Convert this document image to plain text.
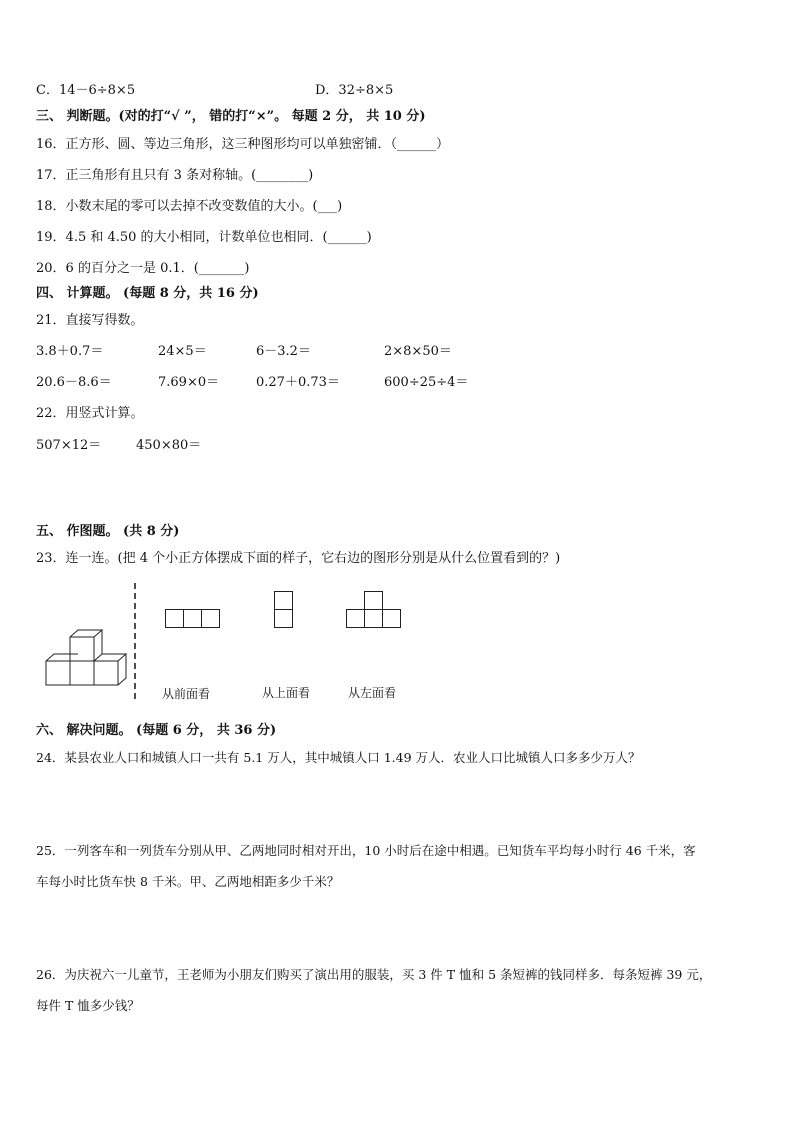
C．14－6÷8×5	D．32÷8×5
三、 判断题。(对的打“√ ”， 错的打“×”。 每题 2 分， 共 10 分)
16．正方形、圆、等边三角形，这三种图形均可以单独密铺．（______）
17．正三角形有且只有 3 条对称轴。(________)
18．小数末尾的零可以去掉不改变数值的大小。(___)
19．4.5 和 4.50 的大小相同，计数单位也相同．(______)
20．6 的百分之一是 0.1．(_______)
四、 计算题。 (每题 8 分，共 16 分)
21．直接写得数。
3.8＋0.7＝	24×5＝	6－3.2＝	2×8×50＝
20.6－8.6＝	7.69×0＝	0.27＋0.73＝	600÷25÷4＝
22．用竖式计算。
507×12＝	450×80＝
五、 作图题。 (共 8 分)
23．连一连。(把 4 个小正方体摆成下面的样子，它右边的图形分别是从什么位置看到的？)
从前面看	从上面看	从左面看
六、 解决问题。 (每题 6 分， 共 36 分)
24．某县农业人口和城镇人口一共有 5.1 万人，其中城镇人口 1.49 万人．农业人口比城镇人口多多少万人？
25．一列客车和一列货车分别从甲、乙两地同时相对开出，10 小时后在途中相遇。已知货车平均每小时行 46 千米，客
车每小时比货车快 8 千米。甲、乙两地相距多少千米？
26．为庆祝六一儿童节，王老师为小朋友们购买了演出用的服装，买 3 件 T 恤和 5 条短裤的钱同样多．每条短裤 39 元，
每件 T 恤多少钱？
